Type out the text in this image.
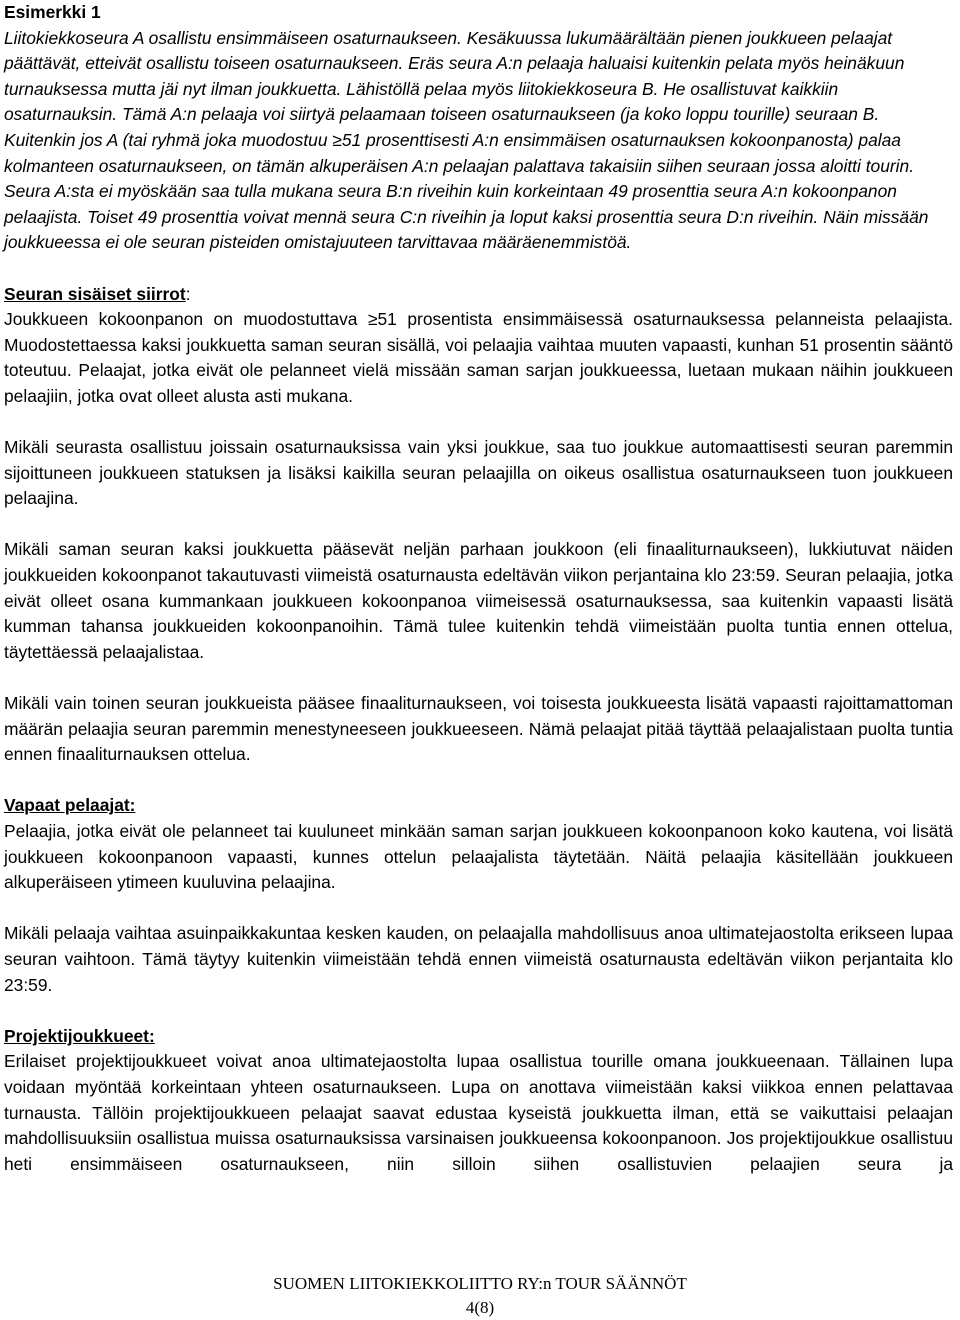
Esimerkki 1
Liitokiekkoseura A osallistu ensimmäiseen osaturnaukseen. Kesäkuussa lukumäärältään pienen joukkueen pelaajat päättävät, etteivät osallistu toiseen osaturnaukseen. Eräs seura A:n pelaaja haluaisi kuitenkin pelata myös heinäkuun turnauksessa mutta jäi nyt ilman joukkuetta. Lähistöllä pelaa myös liitokiekkoseura B. He osallistuvat kaikkiin osaturnauksin. Tämä A:n pelaaja voi siirtyä pelaamaan toiseen osaturnaukseen (ja koko loppu tourille) seuraan B. Kuitenkin jos A (tai ryhmä joka muodostuu ≥51 prosenttisesti A:n ensimmäisen osaturnauksen kokoonpanosta) palaa kolmanteen osaturnaukseen, on tämän alkuperäisen A:n pelaajan palattava takaisiin siihen seuraan jossa aloitti tourin. Seura A:sta ei myöskään saa tulla mukana seura B:n riveihin kuin korkeintaan 49 prosenttia seura A:n kokoonpanon pelaajista. Toiset 49 prosenttia voivat mennä seura C:n riveihin ja loput kaksi prosenttia seura D:n riveihin. Näin missään joukkueessa ei ole seuran pisteiden omistajuuteen tarvittavaa määräenemmistöä.
Seuran sisäiset siirrot:

Joukkueen kokoonpanon on muodostuttava ≥51 prosentista ensimmäisessä osaturnauksessa pelanneista pelaajista. Muodostettaessa kaksi joukkuetta saman seuran sisällä, voi pelaajia vaihtaa muuten vapaasti, kunhan 51 prosentin sääntö toteutuu. Pelaajat, jotka eivät ole pelanneet vielä missään saman sarjan joukkueessa, luetaan mukaan näihin joukkueen pelaajiin, jotka ovat olleet alusta asti mukana.

Mikäli seurasta osallistuu joissain osaturnauksissa vain yksi joukkue, saa tuo joukkue automaattisesti seuran paremmin sijoittuneen joukkueen statuksen ja lisäksi kaikilla seuran pelaajilla on oikeus osallistua osaturnaukseen tuon joukkueen pelaajina.

Mikäli saman seuran kaksi joukkuetta pääsevät neljän parhaan joukkoon (eli finaaliturnaukseen), lukkiutuvat näiden joukkueiden kokoonpanot takautuvasti viimeistä osaturnausta edeltävän viikon perjantaina klo 23:59. Seuran pelaajia, jotka eivät olleet osana kummankaan joukkueen kokoonpanoa viimeisessä osaturnauksessa, saa kuitenkin vapaasti lisätä kumman tahansa joukkueiden kokoonpanoihin. Tämä tulee kuitenkin tehdä viimeistään puolta tuntia ennen ottelua, täytettäessä pelaajalistaa.

Mikäli vain toinen seuran joukkueista pääsee finaaliturnaukseen, voi toisesta joukkueesta lisätä vapaasti rajoittamattoman määrän pelaajia seuran paremmin menestyneeseen joukkueeseen. Nämä pelaajat pitää täyttää pelaajalistaan puolta tuntia ennen finaaliturnauksen ottelua.

Vapaat pelaajat:

Pelaajia, jotka eivät ole pelanneet tai kuuluneet minkään saman sarjan joukkueen kokoonpanoon koko kautena, voi lisätä joukkueen kokoonpanoon vapaasti, kunnes ottelun pelaajalista täytetään. Näitä pelaajia käsitellään joukkueen alkuperäiseen ytimeen kuuluvina pelaajina.

Mikäli pelaaja vaihtaa asuinpaikkakuntaa kesken kauden, on pelaajalla mahdollisuus anoa ultimatejaostolta erikseen lupaa seuran vaihtoon. Tämä täytyy kuitenkin viimeistään tehdä ennen viimeistä osaturnausta edeltävän viikon perjantaita klo 23:59.

Projektijoukkueet:

Erilaiset projektijoukkueet voivat anoa ultimatejaostolta lupaa osallistua tourille omana joukkueenaan. Tällainen lupa voidaan myöntää korkeintaan yhteen osaturnaukseen. Lupa on anottava viimeistään kaksi viikkoa ennen pelattavaa turnausta. Tällöin projektijoukkueen pelaajat saavat edustaa kyseistä joukkuetta ilman, että se vaikuttaisi pelaajan mahdollisuuksiin osallistua muissa osaturnauksissa varsinaisen joukkueensa kokoonpanoon. Jos projektijoukkue osallistuu heti ensimmäiseen osaturnaukseen, niin silloin siihen osallistuvien pelaajien seura ja

SUOMEN LIITOKIEKKOLIITTO RY:n TOUR SÄÄNNÖT
4(8)
